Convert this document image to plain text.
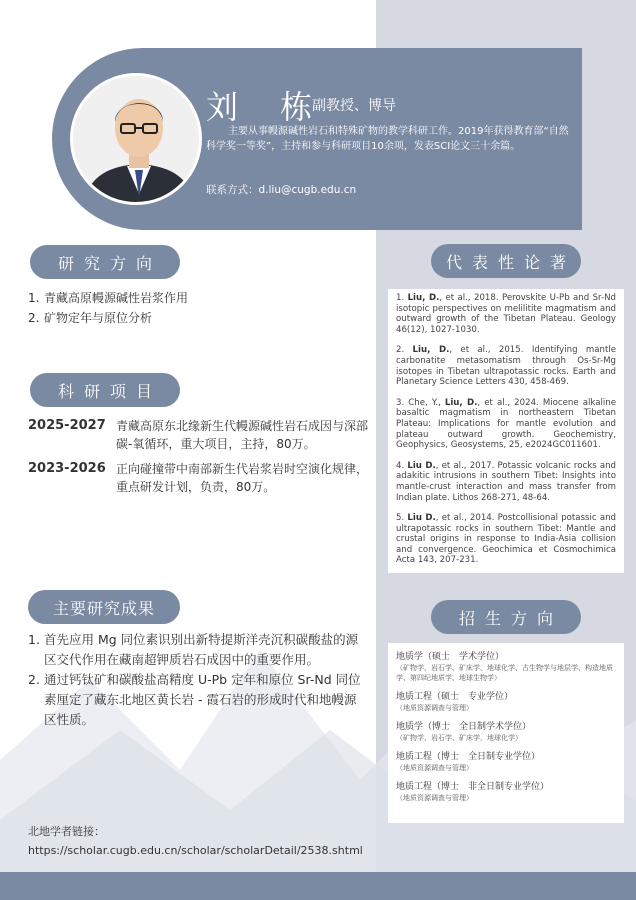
刘 栋
副教授、博导
主要从事幔源碱性岩石和特殊矿物的教学科研工作。2019年获得教育部“自然科学奖一等奖”，主持和参与科研项目10余项，发表SCI论文三十余篇。
联系方式：d.liu@cugb.edu.cn
研究方向
1. 青藏高原幔源碱性岩浆作用
2. 矿物定年与原位分析
科研项目
2025-2027 青藏高原东北缘新生代幔源碱性岩石成因与深部碳-氧循环，重大项目，主持，80万。
2023-2026 正向碰撞带中南部新生代岩浆岩时空演化规律，重点研发计划，负责，80万。
代表性论著
1. Liu, D., et al., 2018. Perovskite U-Pb and Sr-Nd isotopic perspectives on melilitite magmatism and outward growth of the Tibetan Plateau. Geology 46(12), 1027-1030.
2. Liu, D., et al., 2015. Identifying mantle carbonatite metasomatism through Os-Sr-Mg isotopes in Tibetan ultrapotassic rocks. Earth and Planetary Science Letters 430, 458-469.
3. Che, Y., Liu, D., et al., 2024. Miocene alkaline basaltic magmatism in northeastern Tibetan Plateau: Implications for mantle evolution and plateau outward growth. Geochemistry, Geophysics, Geosystems, 25, e2024GC011601.
4. Liu D., et al., 2017. Potassic volcanic rocks and adakitic intrusions in southern Tibet: Insights into mantle-crust interaction and mass transfer from Indian plate. Lithos 268-271, 48-64.
5. Liu D., et al., 2014. Postcollisional potassic and ultrapotassic rocks in southern Tibet: Mantle and crustal origins in response to India-Asia collision and convergence. Geochimica et Cosmochimica Acta 143, 207-231.
主要研究成果
1. 首先应用 Mg 同位素识别出新特提斯洋壳沉积碳酸盐的源区交代作用在藏南超钾质岩石成因中的重要作用。
2. 通过钙钛矿和碳酸盐高精度 U-Pb 定年和原位 Sr-Nd 同位素厘定了藏东北地区黄长岩 - 霞石岩的形成时代和地幔源区性质。
招生方向
地质学（硕士　学术学位）
（矿物学、岩石学、矿床学、地球化学、古生物学与地层学、构造地质学、第四纪地质学、地球生物学）
地质工程（硕士　专业学位）
（地质资源调查与管理）
地质学（博士　全日制学术学位）
（矿物学、岩石学、矿床学，地球化学）
地质工程（博士　全日制专业学位）
（地质资源调查与管理）
地质工程（博士　非全日制专业学位）
（地质资源调查与管理）
北地学者链接：
https://scholar.cugb.edu.cn/scholar/scholarDetail/2538.shtml
